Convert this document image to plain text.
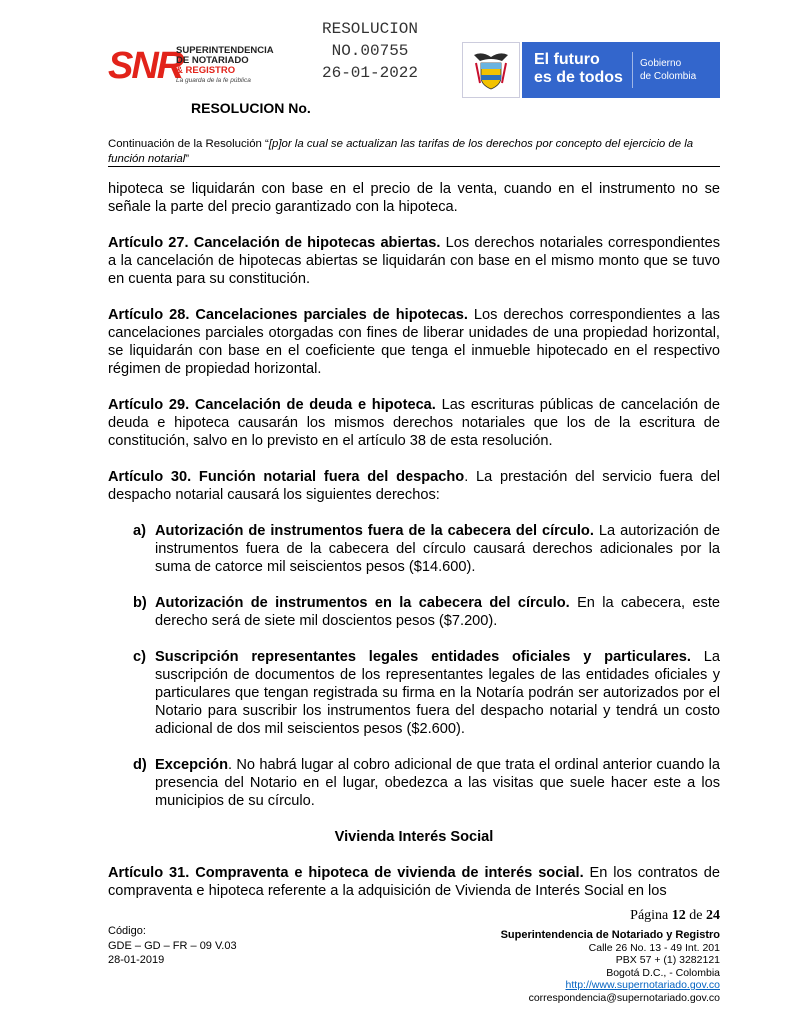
RESOLUCION
NO.00755
26-01-2022
SNR
SUPERINTENDENCIA
DE NOTARIADO
& REGISTRO
La guarda de la fe pública
RESOLUCION No.
El futuro
es de todos
Gobierno
de Colombia
Continuación de la Resolución “[p]or la cual se actualizan las tarifas de los derechos por concepto del ejercicio de la función notarial”

hipoteca se liquidarán con base en el precio de la venta, cuando en el instrumento no se señale la parte del precio garantizado con la hipoteca.

Artículo 27. Cancelación de hipotecas abiertas. Los derechos notariales correspondientes a la cancelación de hipotecas abiertas se liquidarán con base en el mismo monto que se tuvo en cuenta para su constitución.

Artículo 28. Cancelaciones parciales de hipotecas. Los derechos correspondientes a las cancelaciones parciales otorgadas con fines de liberar unidades de una propiedad horizontal, se liquidarán con base en el coeficiente que tenga el inmueble hipotecado en el respectivo régimen de propiedad horizontal.

Artículo 29. Cancelación de deuda e hipoteca. Las escrituras públicas de cancelación de deuda e hipoteca causarán los mismos derechos notariales que los de la escritura de constitución, salvo en lo previsto en el artículo 38 de esta resolución.

Artículo 30. Función notarial fuera del despacho. La prestación del servicio fuera del despacho notarial causará los siguientes derechos:

a) Autorización de instrumentos fuera de la cabecera del círculo. La autorización de instrumentos fuera de la cabecera del círculo causará derechos adicionales por la suma de catorce mil seiscientos pesos ($14.600).
b) Autorización de instrumentos en la cabecera del círculo. En la cabecera, este derecho será de siete mil doscientos pesos ($7.200).
c) Suscripción representantes legales entidades oficiales y particulares. La suscripción de documentos de los representantes legales de las entidades oficiales y particulares que tengan registrada su firma en la Notaría podrán ser autorizados por el Notario para suscribir los instrumentos fuera del despacho notarial y tendrá un costo adicional de dos mil seiscientos pesos ($2.600).
d) Excepción. No habrá lugar al cobro adicional de que trata el ordinal anterior cuando la presencia del Notario en el lugar, obedezca a las visitas que suele hacer este a los municipios de su círculo.

Vivienda Interés Social

Artículo 31. Compraventa e hipoteca de vivienda de interés social. En los contratos de compraventa e hipoteca referente a la adquisición de Vivienda de Interés Social en los

Código:
GDE – GD – FR – 09 V.03
28-01-2019
Página 12 de 24
Superintendencia de Notariado y Registro
Calle 26 No. 13 - 49 Int. 201
PBX 57 + (1) 3282121
Bogotá D.C., - Colombia
http://www.supernotariado.gov.co
correspondencia@supernotariado.gov.co
